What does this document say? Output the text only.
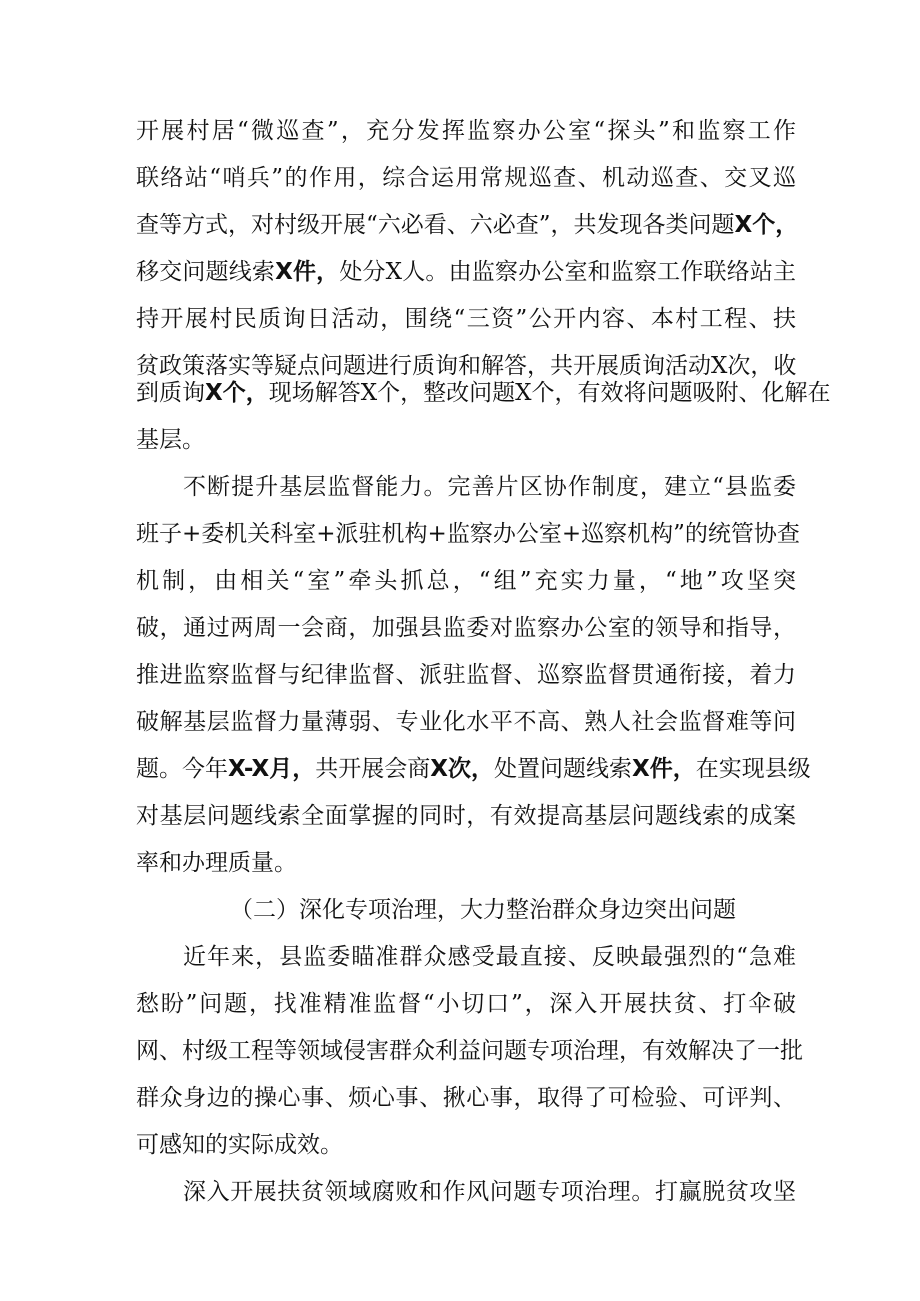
开展村居“微巡查”，充分发挥监察办公室“探头”和监察工作
联络站“哨兵”的作用，综合运用常规巡查、机动巡查、交叉巡
查等方式，对村级开展“六必看、六必查”，共发现各类问题X个，
移交问题线索X件，处分X人。由监察办公室和监察工作联络站主
持开展村民质询日活动，围绕“三资”公开内容、本村工程、扶
贫政策落实等疑点问题进行质询和解答，共开展质询活动X次，收
到质询X个，现场解答X个，整改问题X个，有效将问题吸附、化解在
基层。
不断提升基层监督能力。完善片区协作制度，建立“县监委
班子+委机关科室+派驻机构+监察办公室+巡察机构”的统管协查
机制，由相关“室”牵头抓总，“组”充实力量，“地”攻坚突
破，通过两周一会商，加强县监委对监察办公室的领导和指导，
推进监察监督与纪律监督、派驻监督、巡察监督贯通衔接，着力
破解基层监督力量薄弱、专业化水平不高、熟人社会监督难等问
题。今年X-X月，共开展会商X次，处置问题线索X件，在实现县级
对基层问题线索全面掌握的同时，有效提高基层问题线索的成案
率和办理质量。
（二）深化专项治理，大力整治群众身边突出问题
近年来，县监委瞄准群众感受最直接、反映最强烈的“急难
愁盼”问题，找准精准监督“小切口”，深入开展扶贫、打伞破
网、村级工程等领域侵害群众利益问题专项治理，有效解决了一批
群众身边的操心事、烦心事、揪心事，取得了可检验、可评判、
可感知的实际成效。
深入开展扶贫领域腐败和作风问题专项治理。打赢脱贫攻坚
